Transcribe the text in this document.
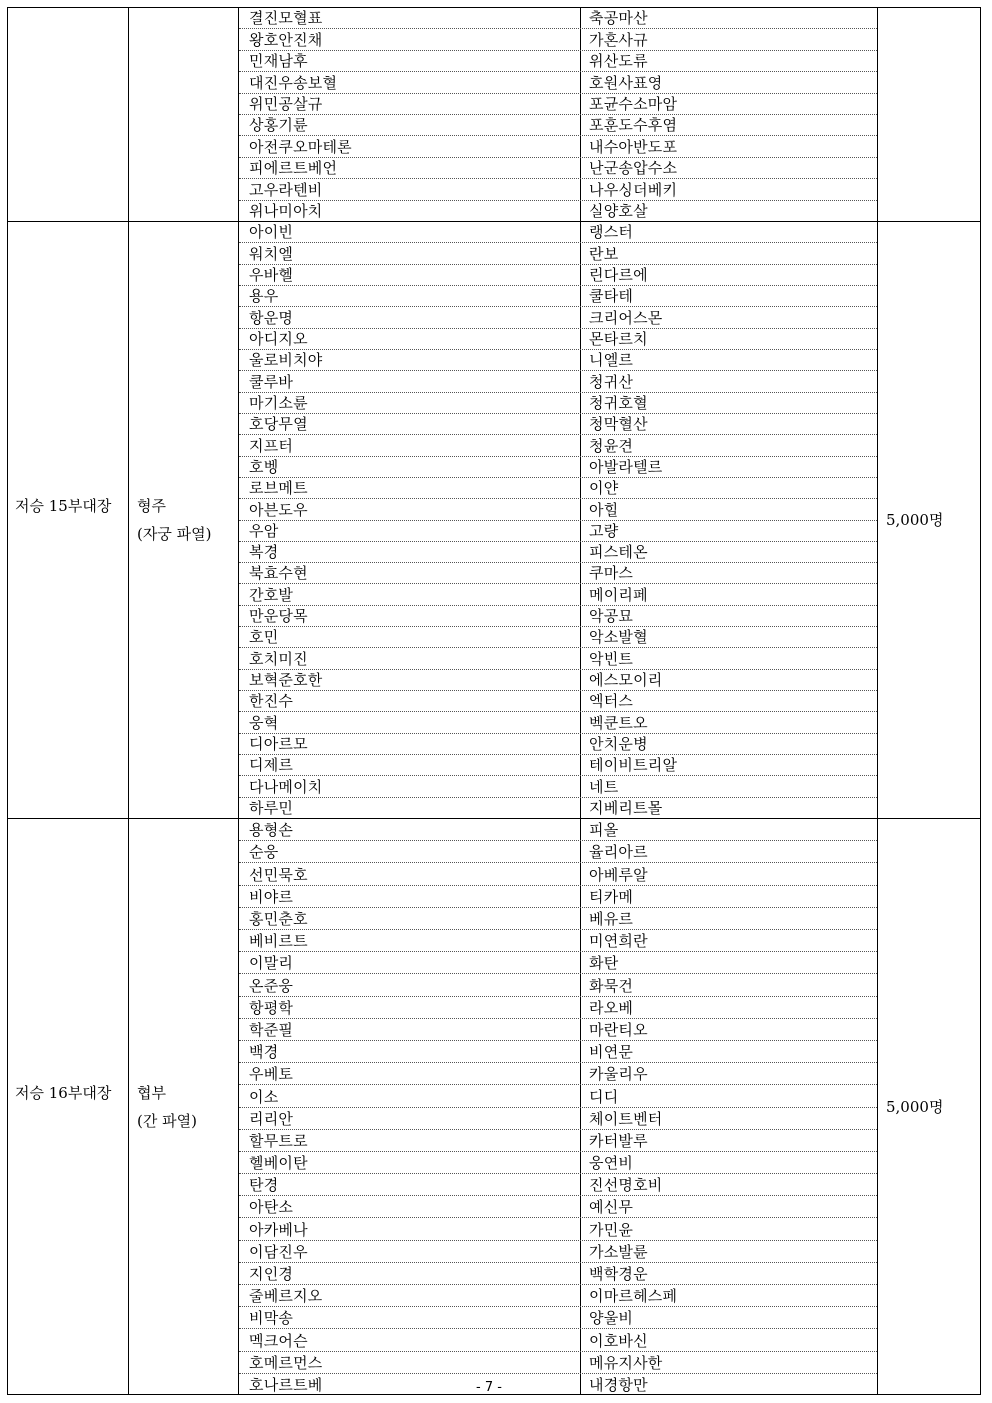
결진모혈표	축공마산
왕호안진채	가혼사규
민재남후	위산도류
대진우송보혈	호원사표영
위민공살규	포균수소마암
상홍기륜	포훈도수후염
아전쿠오마테론	내수아반도포
피에르트베언	난군송압수소
고우라텐비	나우싱더베키
위나미아치	실양호살
저승 15부대장	형주
(자궁 파열)
5,000명
아이빈	랭스터
워치엘	란보
우바헬	린다르에
용우	쿨타테
항운명	크리어스몬
아디지오	몬타르치
울로비치야	니엘르
쿨루바	청귀산
마기소륜	청귀호혈
호당무열	청막혈산
지프터	청윤견
호벵	아발라텔르
로브메트	이얀
아븐도우	아힐
우암	고량
복경	피스테온
북효수현	쿠마스
간호발	메이리페
만운당목	악공묘
호민	악소발혈
호치미진	악빈트
보혁준호한	에스모이리
한진수	엑터스
웅혁	벡쿤트오
디아르모	안치운병
디제르	테이비트리알
다나메이치	네트
하루민	지베리트몰
저승 16부대장	협부
(간 파열)
5,000명
용형손	피올
순웅	율리아르
선민묵호	아베루알
비야르	티카메
홍민춘호	베유르
베비르트	미연희란
이말리	화탄
온준웅	화묵건
항평학	라오베
학준필	마란티오
백경	비연문
우베토	카울리우
이소	디디
리리안	체이트벤터
할무트로	카터발루
헬베이탄	웅연비
탄경	진선명호비
아탄소	예신무
아카베나	가민윤
이담진우	가소발륜
지인경	백학경운
줄베르지오	이마르헤스페
비막송	양울비
멕크어슨	이호바신
호메르먼스	메유지사한
호나르트베	내경항만
- 7 -
